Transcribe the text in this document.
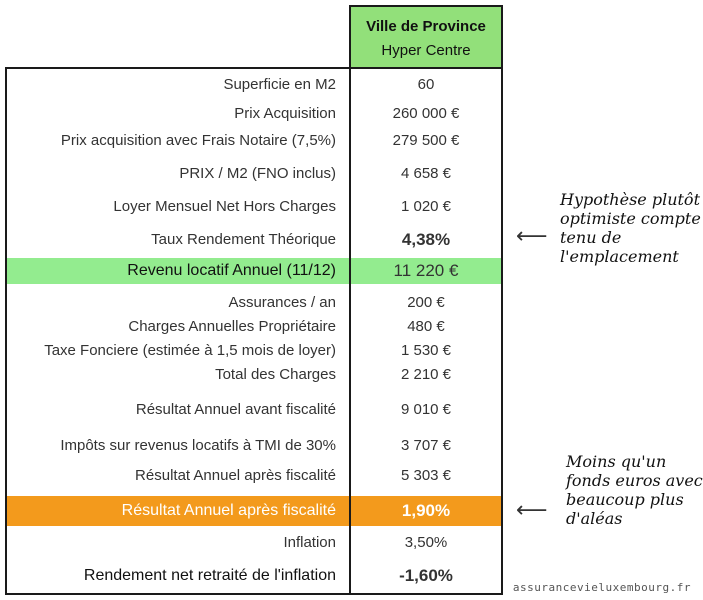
Ville de Province
Hyper Centre
Superficie en M2	60
Prix Acquisition	260 000 €
Prix acquisition avec Frais Notaire (7,5%)	279 500 €
PRIX / M2 (FNO inclus)	4 658 €
Loyer Mensuel Net Hors Charges	1 020 €
Taux Rendement Théorique	4,38%
Revenu locatif Annuel (11/12)	11 220 €
Assurances / an	200 €
Charges Annuelles Propriétaire	480 €
Taxe Fonciere (estimée à 1,5 mois de loyer)	1 530 €
Total des Charges	2 210 €
Résultat Annuel avant fiscalité	9 010 €
Impôts sur revenus locatifs à TMI de 30%	3 707 €
Résultat Annuel après fiscalité	5 303 €
Résultat Annuel après fiscalité	1,90%
Inflation	3,50%
Rendement net retraité de l'inflation	-1,60%
⟵
Hypothèse plutôt
optimiste compte
tenu de
l'emplacement
⟵
Moins qu'un
fonds euros avec
beaucoup plus
d'aléas
assurancevieluxembourg.fr
